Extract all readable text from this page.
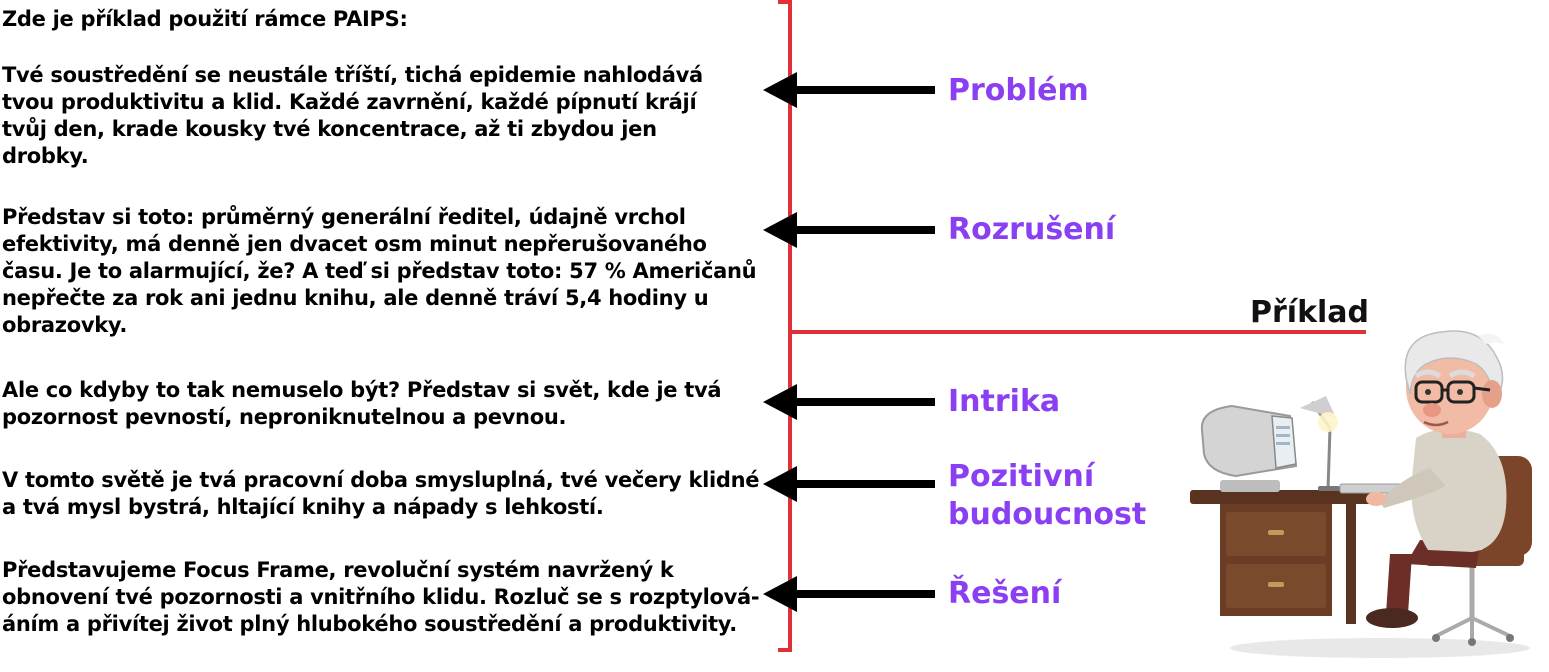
Zde je příklad použití rámce PAIPS:

Tvé soustředění se neustále tříští, tichá epidemie nahlodává
tvou produktivitu a klid. Každé zavrnění, každé pípnutí krájí
tvůj den, krade kousky tvé koncentrace, až ti zbydou jen
drobky.
Představ si toto: průměrný generální ředitel, údajně vrchol
efektivity, má denně jen dvacet osm minut nepřerušovaného
času. Je to alarmující, že? A teď si představ toto: 57 % Američanů
nepřečte za rok ani jednu knihu, ale denně tráví 5,4 hodiny u
obrazovky.
Ale co kdyby to tak nemuselo být? Představ si svět, kde je tvá
pozornost pevností, neproniknutelnou a pevnou.
V tomto světě je tvá pracovní doba smysluplná, tvé večery klidné
a tvá mysl bystrá, hltající knihy a nápady s lehkostí.
Představujeme Focus Frame, revoluční systém navržený k
obnovení tvé pozornosti a vnitřního klidu. Rozluč se s rozptylová-
áním a přivítej život plný hlubokého soustředění a produktivity.

Problém

Rozrušení

Intrika

Pozitivní
budoucnost

Řešení

Příklad
